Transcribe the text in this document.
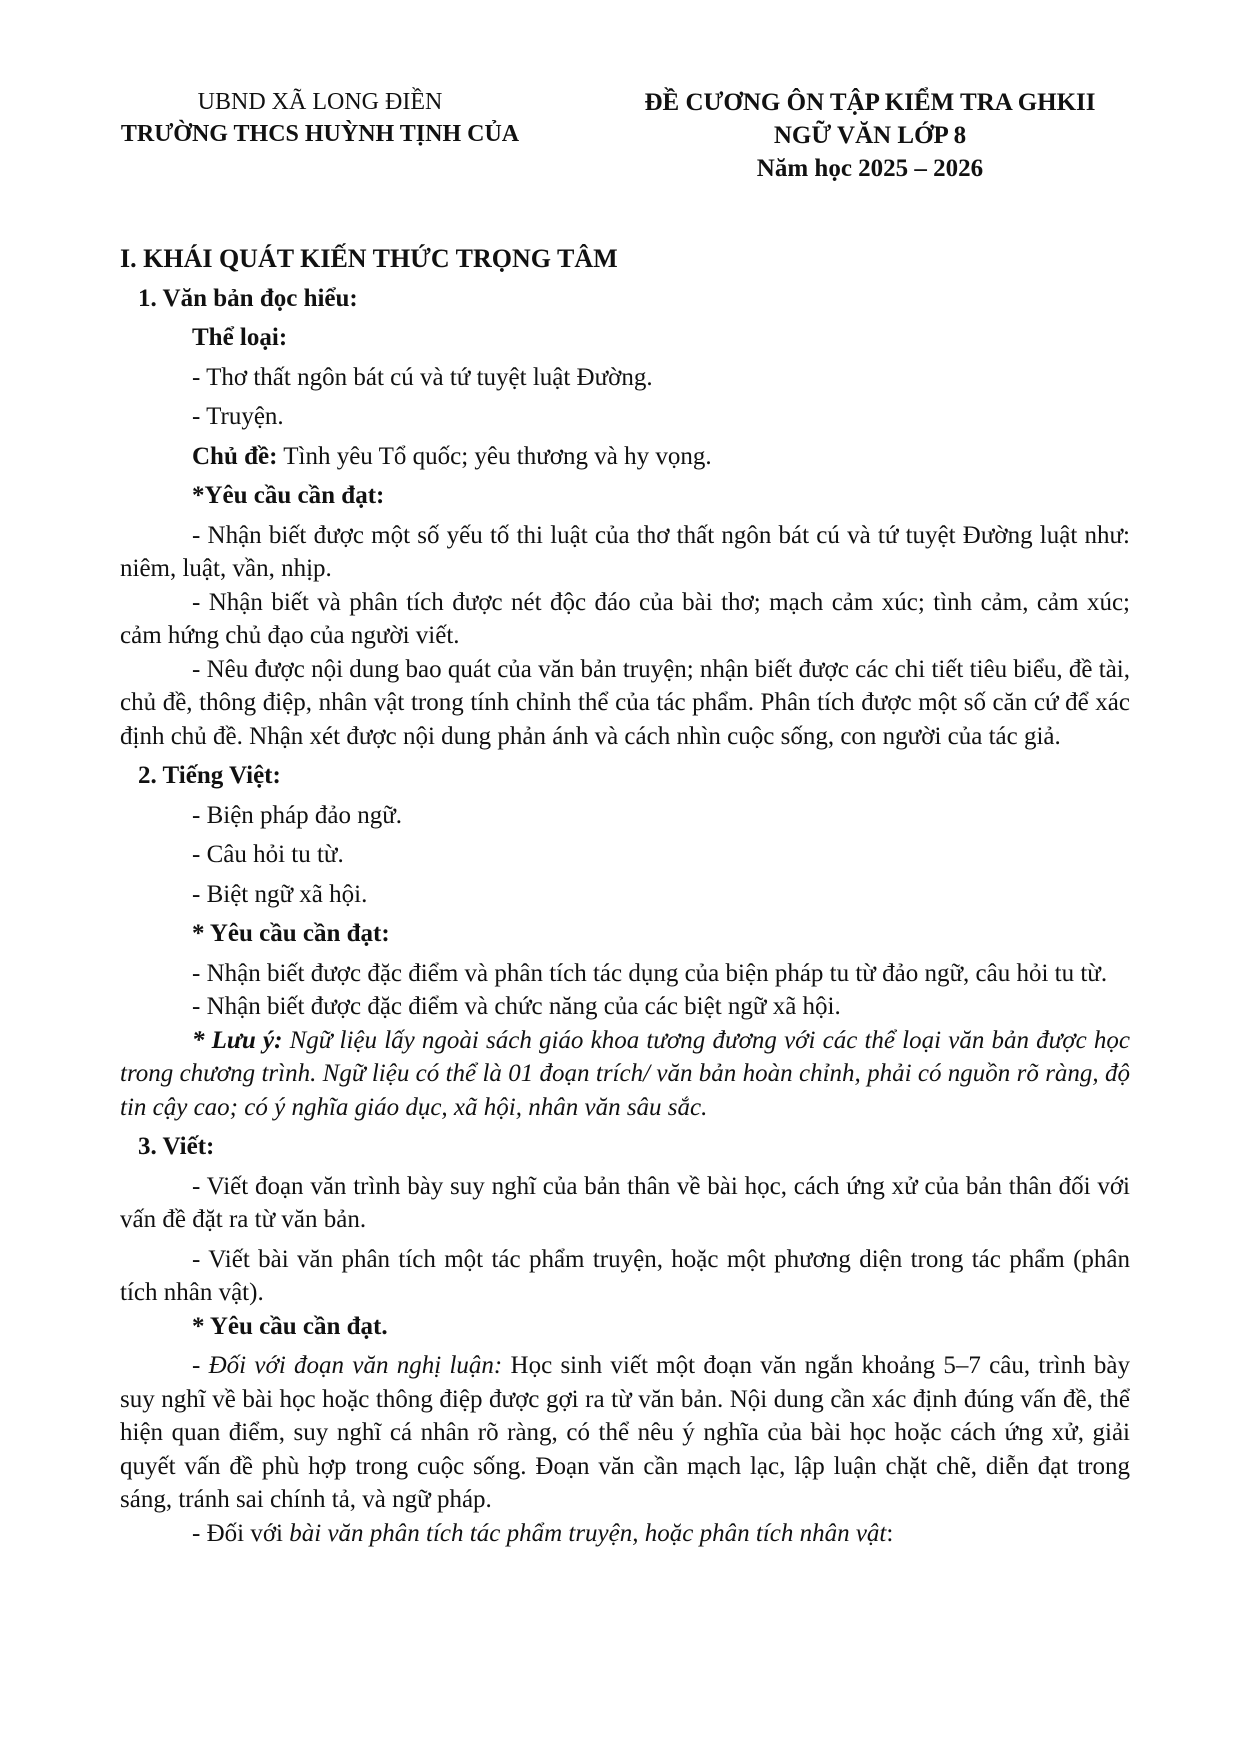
UBND XÃ LONG ĐIỀN
TRƯỜNG THCS HUỲNH TỊNH CỦA
ĐỀ CƯƠNG ÔN TẬP KIỂM TRA GHKII
NGỮ VĂN LỚP 8
Năm học 2025 – 2026

I. KHÁI QUÁT KIẾN THỨC TRỌNG TÂM

1. Văn bản đọc hiểu:

Thể loại:

- Thơ thất ngôn bát cú và tứ tuyệt luật Đường.

- Truyện.

Chủ đề: Tình yêu Tổ quốc; yêu thương và hy vọng.

*Yêu cầu cần đạt:

- Nhận biết được một số yếu tố thi luật của thơ thất ngôn bát cú và tứ tuyệt Đường luật như: niêm, luật, vần, nhịp.

- Nhận biết và phân tích được nét độc đáo của bài thơ; mạch cảm xúc; tình cảm, cảm xúc; cảm hứng chủ đạo của người viết.

- Nêu được nội dung bao quát của văn bản truyện; nhận biết được các chi tiết tiêu biểu, đề tài, chủ đề, thông điệp, nhân vật trong tính chỉnh thể của tác phẩm. Phân tích được một số căn cứ để xác định chủ đề. Nhận xét được nội dung phản ánh và cách nhìn cuộc sống, con người của tác giả.

2. Tiếng Việt:

- Biện pháp đảo ngữ.

- Câu hỏi tu từ.

- Biệt ngữ xã hội.

* Yêu cầu cần đạt:

- Nhận biết được đặc điểm và phân tích tác dụng của biện pháp tu từ đảo ngữ, câu hỏi tu từ.

- Nhận biết được đặc điểm và chức năng của các biệt ngữ xã hội.

* Lưu ý: Ngữ liệu lấy ngoài sách giáo khoa tương đương với các thể loại văn bản được học trong chương trình. Ngữ liệu có thể là 01 đoạn trích/ văn bản hoàn chỉnh, phải có nguồn rõ ràng, độ tin cậy cao; có ý nghĩa giáo dục, xã hội, nhân văn sâu sắc.

3. Viết:

- Viết đoạn văn trình bày suy nghĩ của bản thân về bài học, cách ứng xử của bản thân đối với vấn đề đặt ra từ văn bản.

- Viết bài văn phân tích một tác phẩm truyện, hoặc một phương diện trong tác phẩm (phân tích nhân vật).

* Yêu cầu cần đạt.

- Đối với đoạn văn nghị luận: Học sinh viết một đoạn văn ngắn khoảng 5–7 câu, trình bày suy nghĩ về bài học hoặc thông điệp được gợi ra từ văn bản. Nội dung cần xác định đúng vấn đề, thể hiện quan điểm, suy nghĩ cá nhân rõ ràng, có thể nêu ý nghĩa của bài học hoặc cách ứng xử, giải quyết vấn đề phù hợp trong cuộc sống. Đoạn văn cần mạch lạc, lập luận chặt chẽ, diễn đạt trong sáng, tránh sai chính tả, và ngữ pháp.

- Đối với bài văn phân tích tác phẩm truyện, hoặc phân tích nhân vật:
